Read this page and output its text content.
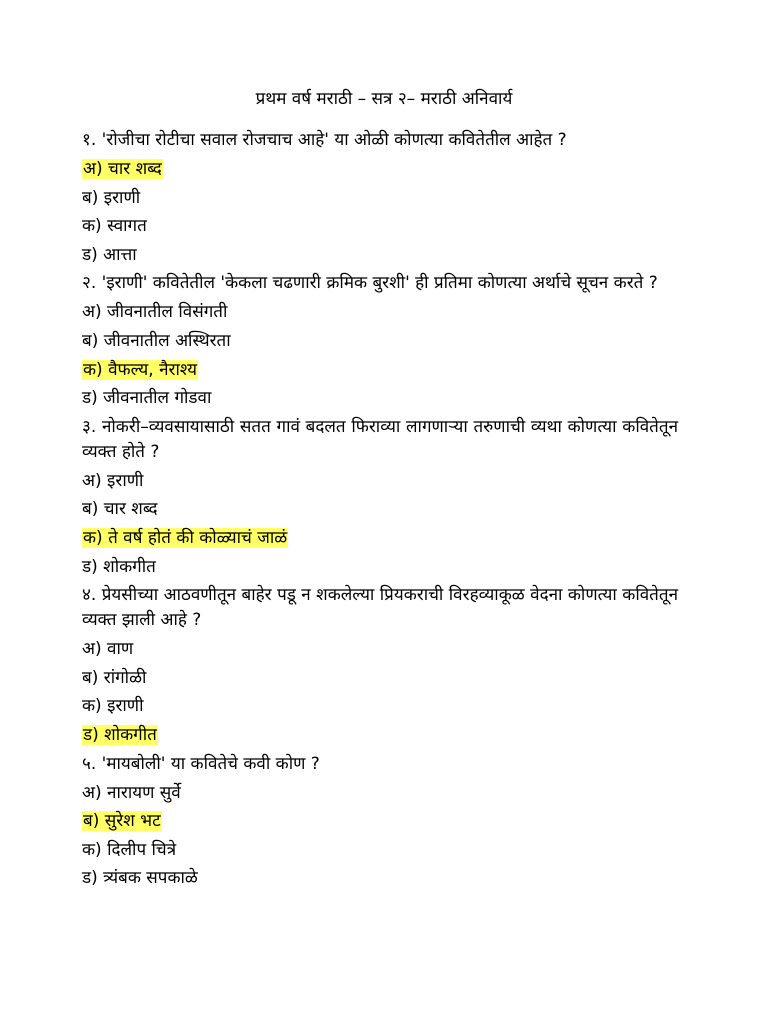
प्रथम वर्ष मराठी – सत्र २– मराठी अनिवार्य
१. 'रोजीचा रोटीचा सवाल रोजचाच आहे' या ओळी कोणत्या कवितेतील आहेत ?
अ) चार शब्द
ब) इराणी
क) स्वागत
ड) आत्ता
२. 'इराणी' कवितेतील 'केकला चढणारी क्रमिक बुरशी' ही प्रतिमा कोणत्या अर्थाचे सूचन करते ?
अ) जीवनातील विसंगती
ब) जीवनातील अस्थिरता
क) वैफल्य, नैराश्य
ड) जीवनातील गोडवा
३. नोकरी–व्यवसायासाठी सतत गावं बदलत फिराव्या लागणाऱ्या तरुणाची व्यथा कोणत्या कवितेतून व्यक्त होते ?
अ) इराणी
ब) चार शब्द
क) ते वर्ष होतं की कोळ्याचं जाळं
ड) शोकगीत
४. प्रेयसीच्या आठवणीतून बाहेर पडू न शकलेल्या प्रियकराची विरहव्याकूळ वेदना कोणत्या कवितेतून व्यक्त झाली आहे ?
अ) वाण
ब) रांगोळी
क) इराणी
ड) शोकगीत
५. 'मायबोली' या कवितेचे कवी कोण ?
अ) नारायण सुर्वे
ब) सुरेश भट
क) दिलीप चित्रे
ड) त्र्यंबक सपकाळे
